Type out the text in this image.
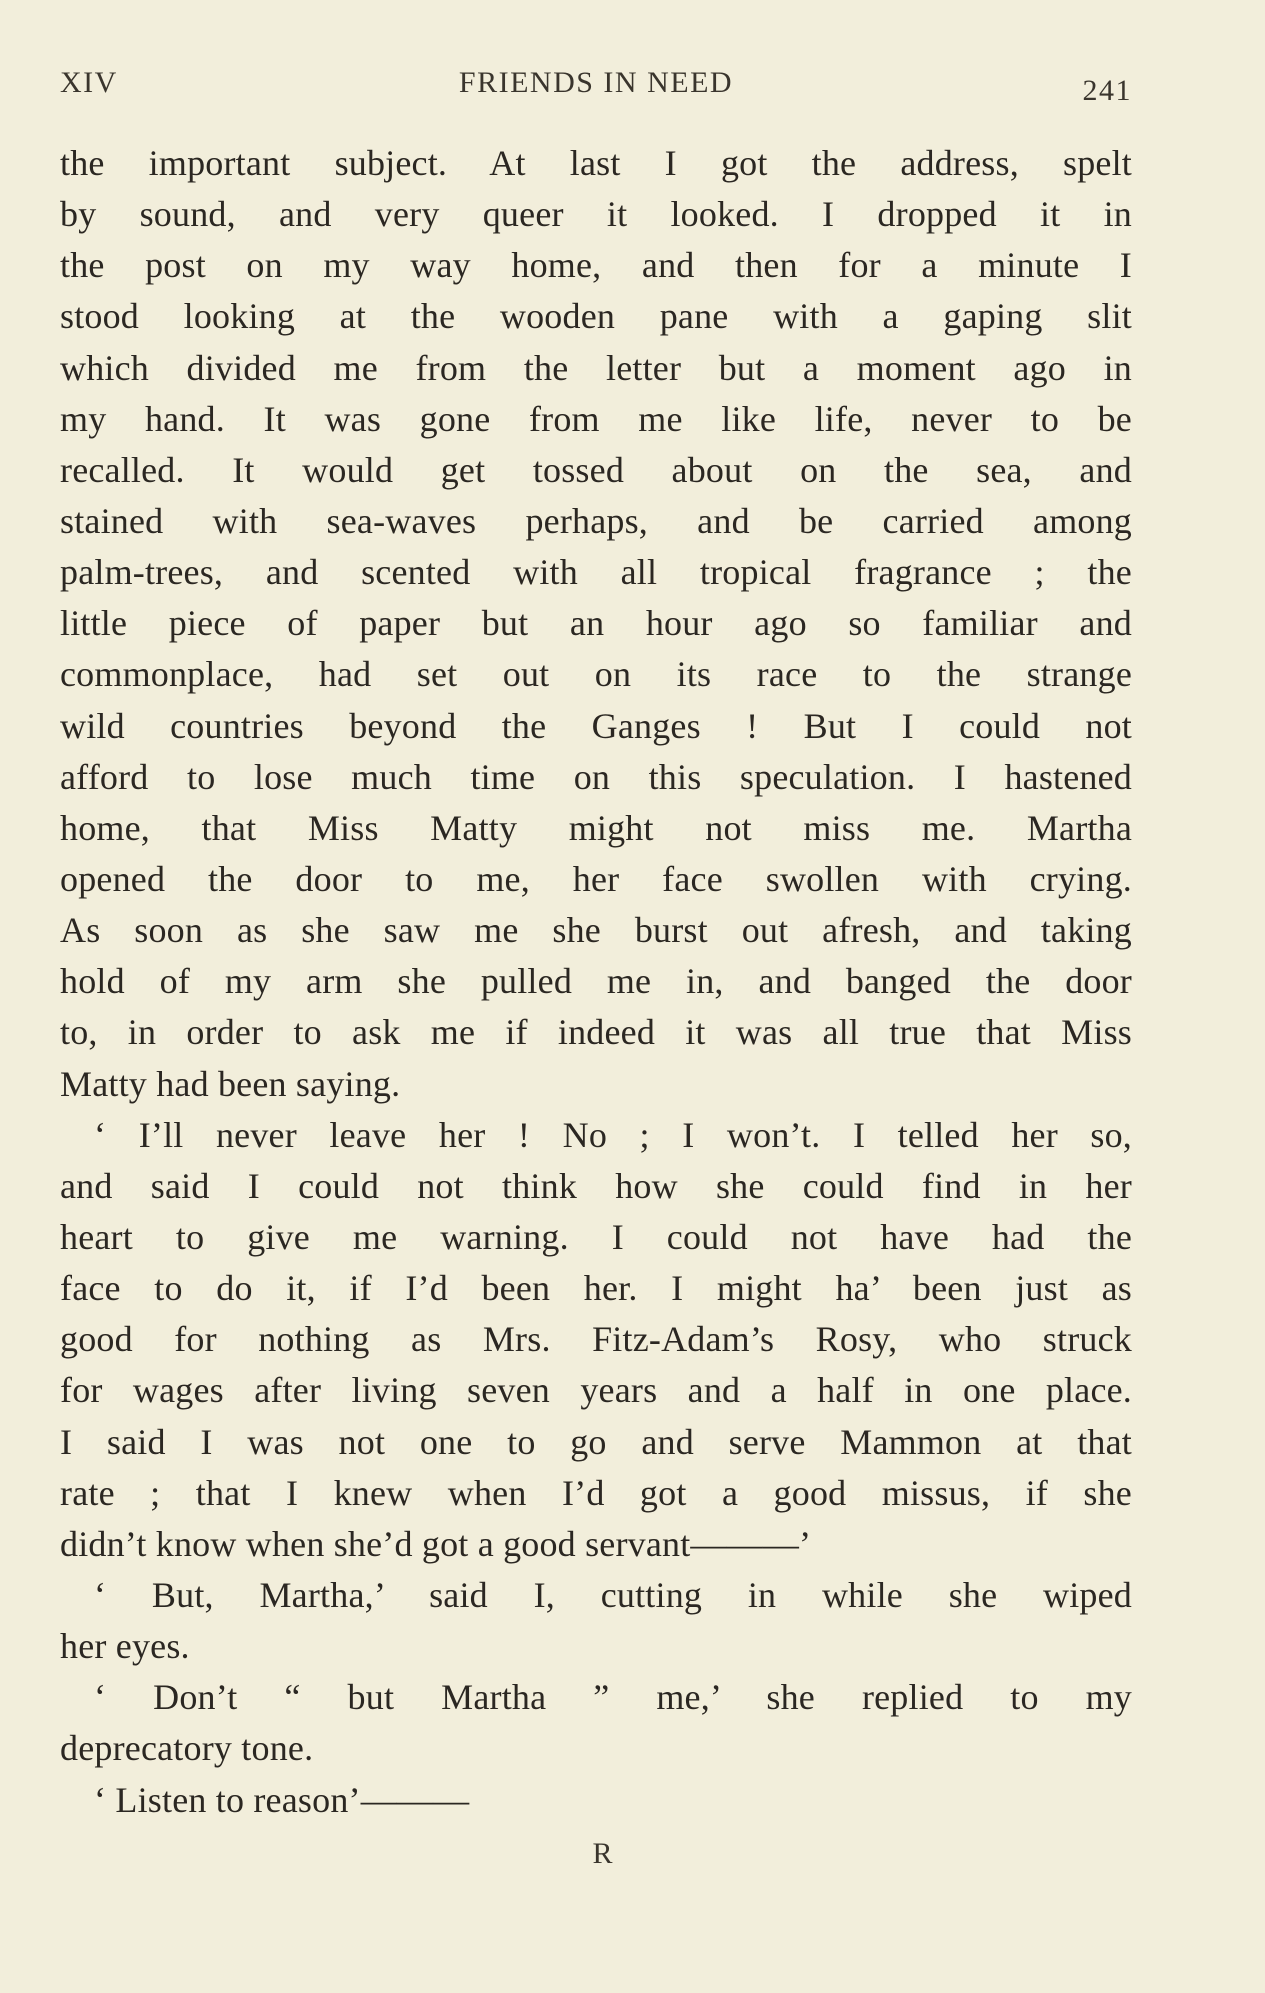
XIV	FRIENDS IN NEED	241
the important subject. At last I got the address, spelt
by sound, and very queer it looked. I dropped it in
the post on my way home, and then for a minute I
stood looking at the wooden pane with a gaping slit
which divided me from the letter but a moment ago in
my hand. It was gone from me like life, never to be
recalled. It would get tossed about on the sea, and
stained with sea-waves perhaps, and be carried among
palm-trees, and scented with all tropical fragrance ; the
little piece of paper but an hour ago so familiar and
commonplace, had set out on its race to the strange
wild countries beyond the Ganges ! But I could not
afford to lose much time on this speculation. I hastened
home, that Miss Matty might not miss me. Martha
opened the door to me, her face swollen with crying.
As soon as she saw me she burst out afresh, and taking
hold of my arm she pulled me in, and banged the door
to, in order to ask me if indeed it was all true that Miss
Matty had been saying.
‘ I’ll never leave her ! No ; I won’t. I telled her so,
and said I could not think how she could find in her
heart to give me warning. I could not have had the
face to do it, if I’d been her. I might ha’ been just as
good for nothing as Mrs. Fitz-Adam’s Rosy, who struck
for wages after living seven years and a half in one place.
I said I was not one to go and serve Mammon at that
rate ; that I knew when I’d got a good missus, if she
didn’t know when she’d got a good servant———’
‘ But, Martha,’ said I, cutting in while she wiped
her eyes.
‘ Don’t “ but Martha ” me,’ she replied to my
deprecatory tone.
‘ Listen to reason’———
R
